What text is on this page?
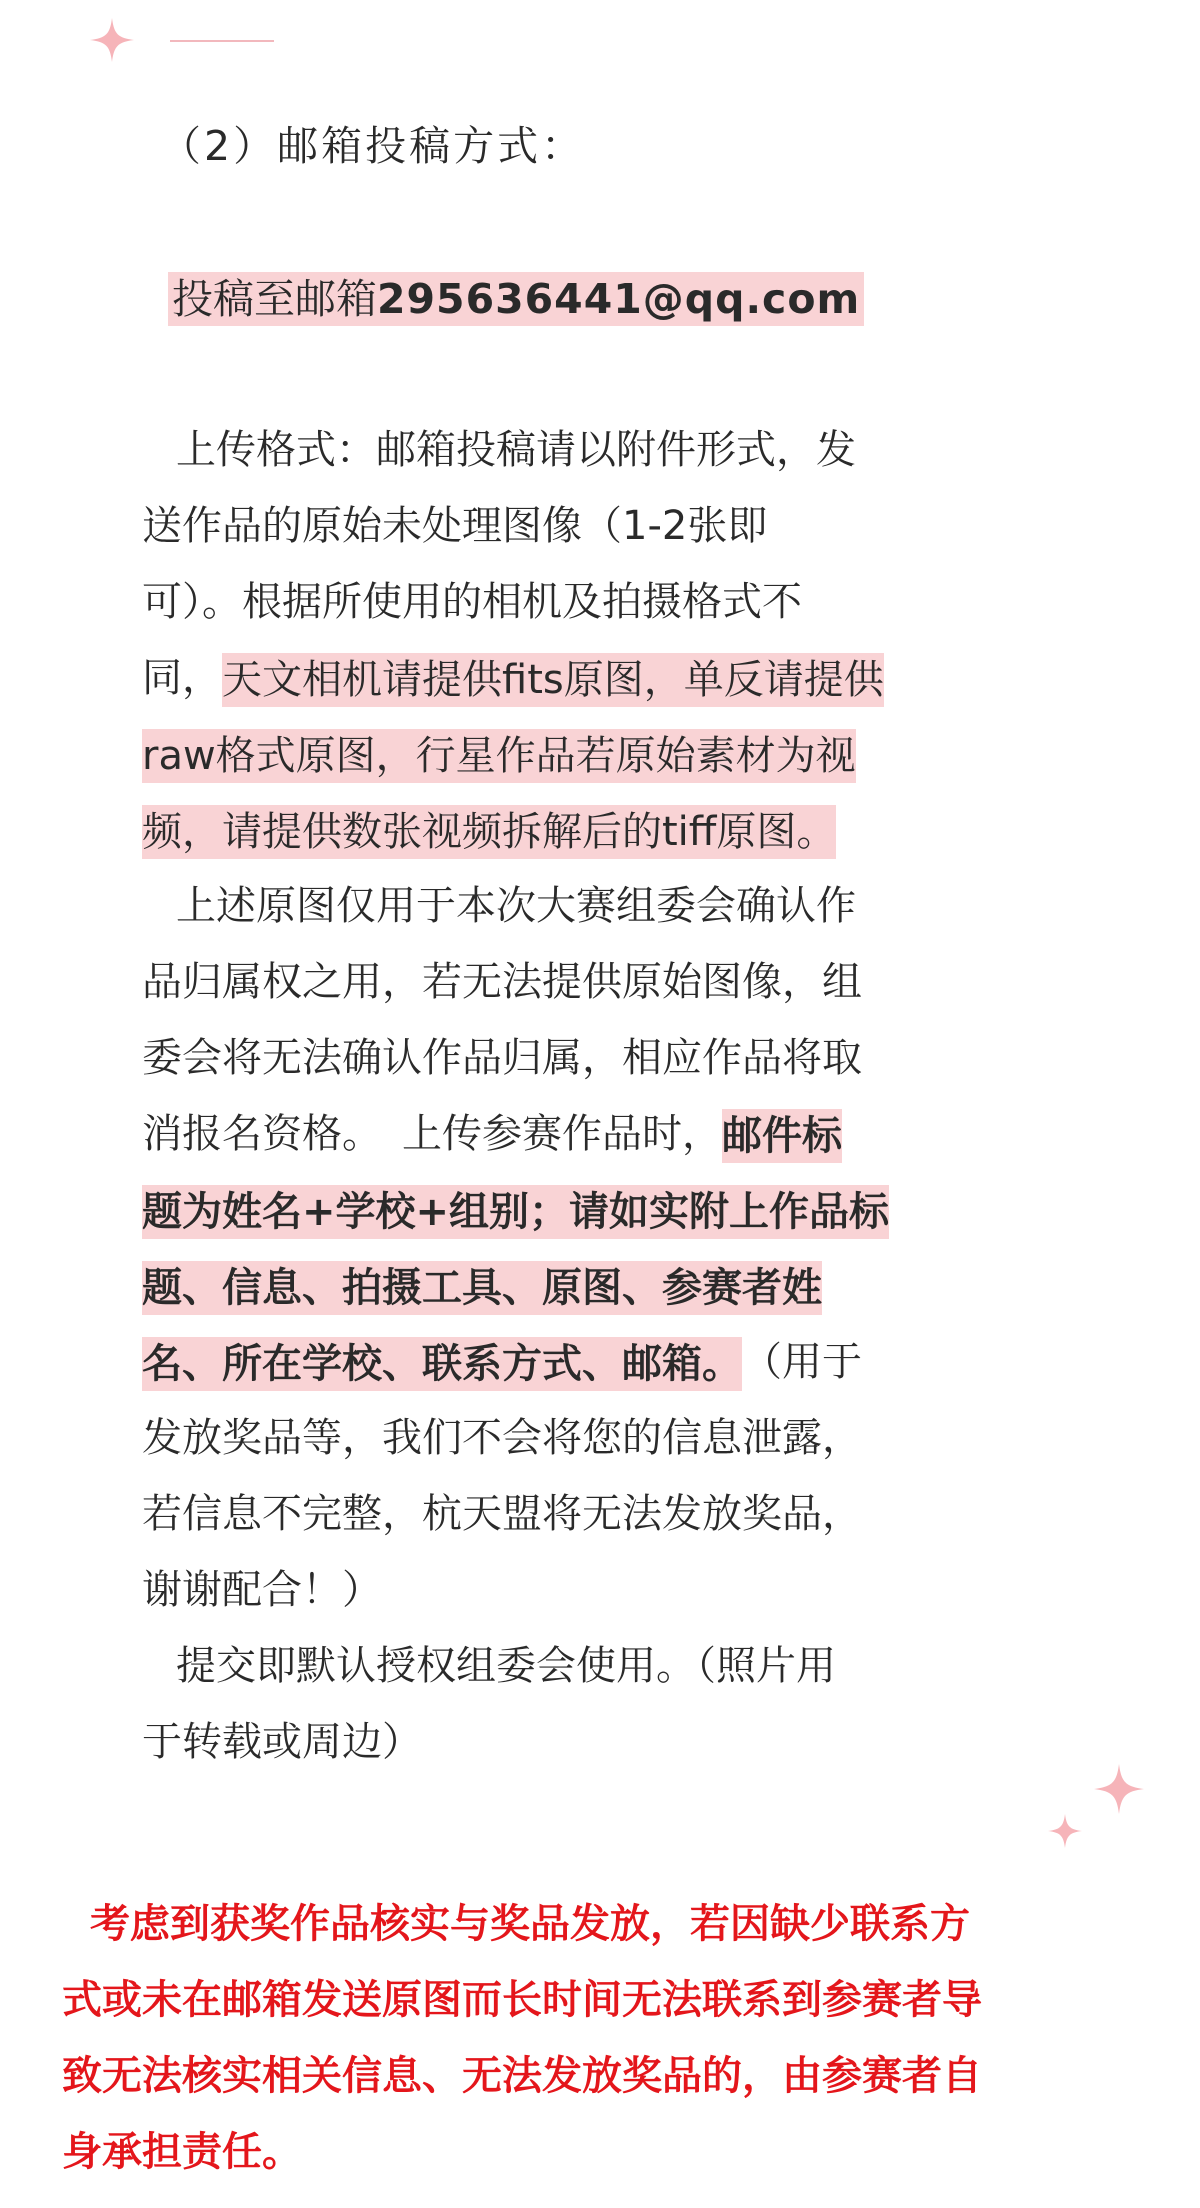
（2）邮箱投稿方式：
投稿至邮箱295636441@qq.com
上传格式：邮箱投稿请以附件形式，发
送作品的原始未处理图像（1-2张即
可）。根据所使用的相机及拍摄格式不
同，天文相机请提供fits原图，单反请提供
raw格式原图，行星作品若原始素材为视
频，请提供数张视频拆解后的tiff原图。
上述原图仅用于本次大赛组委会确认作
品归属权之用，若无法提供原始图像，组
委会将无法确认作品归属，相应作品将取
消报名资格。　上传参赛作品时，邮件标
题为姓名+学校+组别；请如实附上作品标
题、信息、拍摄工具、原图、参赛者姓
名、所在学校、联系方式、邮箱。（用于
发放奖品等，我们不会将您的信息泄露，
若信息不完整，杭天盟将无法发放奖品，
谢谢配合！）
提交即默认授权组委会使用。（照片用
于转载或周边）
考虑到获奖作品核实与奖品发放，若因缺少联系方
式或未在邮箱发送原图而长时间无法联系到参赛者导
致无法核实相关信息、无法发放奖品的，由参赛者自
身承担责任。
